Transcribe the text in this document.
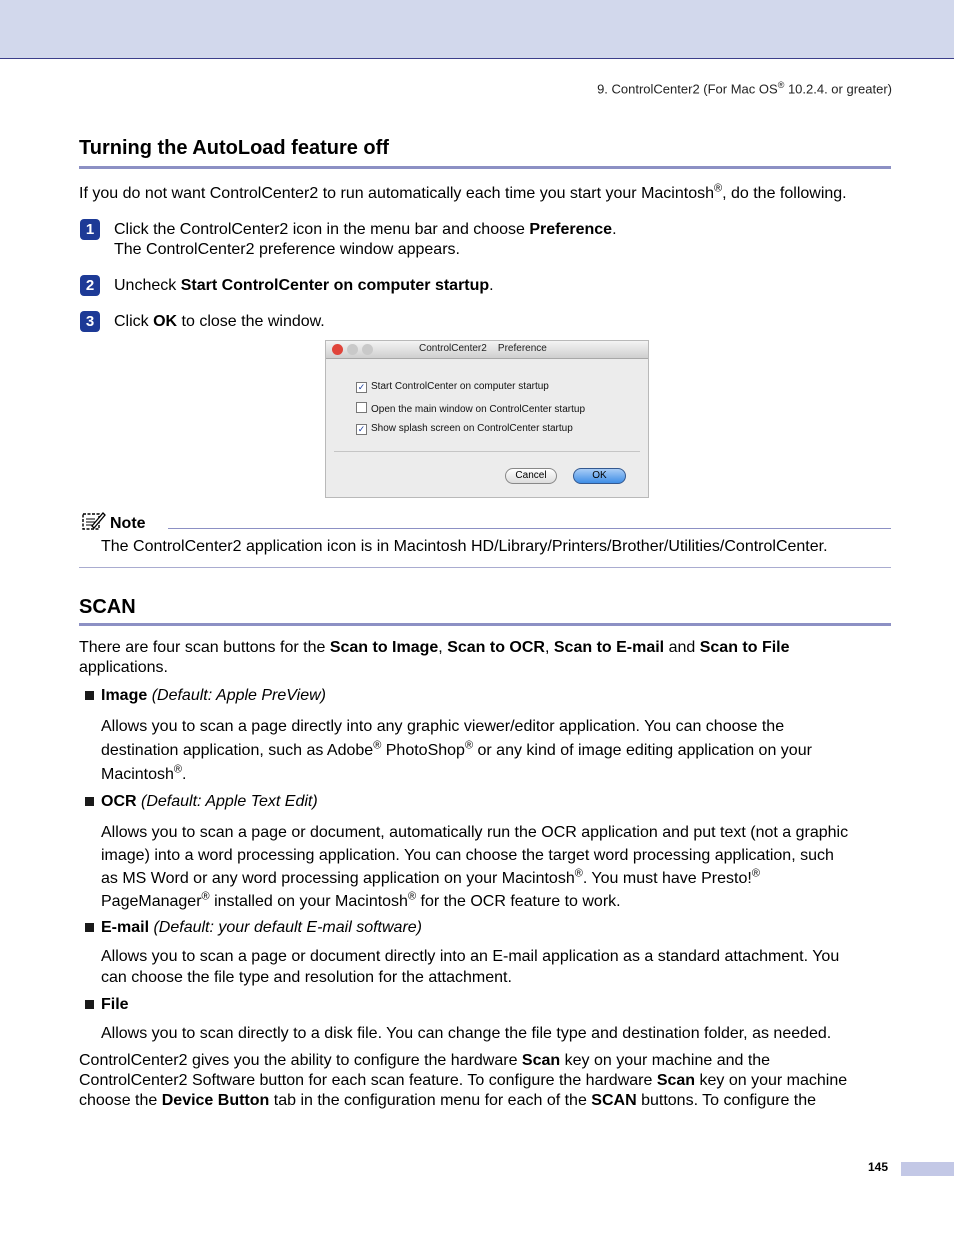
9. ControlCenter2 (For Mac OS® 10.2.4. or greater)
Turning the AutoLoad feature off
If you do not want ControlCenter2 to run automatically each time you start your Macintosh®, do the following.
1	Click the ControlCenter2 icon in the menu bar and choose Preference.
The ControlCenter2 preference window appears.
2	Uncheck Start ControlCenter on computer startup.
3	Click OK to close the window.
ControlCenter2    Preference
✓ Start ControlCenter on computer startup
Open the main window on ControlCenter startup
✓ Show splash screen on ControlCenter startup
Cancel	OK
Note
The ControlCenter2 application icon is in Macintosh HD/Library/Printers/Brother/Utilities/ControlCenter.
SCAN
There are four scan buttons for the Scan to Image, Scan to OCR, Scan to E-mail and Scan to File
applications.
Image (Default: Apple PreView)
Allows you to scan a page directly into any graphic viewer/editor application. You can choose the
destination application, such as Adobe® PhotoShop® or any kind of image editing application on your
Macintosh®.
OCR (Default: Apple Text Edit)
Allows you to scan a page or document, automatically run the OCR application and put text (not a graphic
image) into a word processing application. You can choose the target word processing application, such
as MS Word or any word processing application on your Macintosh®. You must have Presto!®
PageManager® installed on your Macintosh® for the OCR feature to work.
E-mail (Default: your default E-mail software)
Allows you to scan a page or document directly into an E-mail application as a standard attachment. You
can choose the file type and resolution for the attachment.
File
Allows you to scan directly to a disk file. You can change the file type and destination folder, as needed.
ControlCenter2 gives you the ability to configure the hardware Scan key on your machine and the
ControlCenter2 Software button for each scan feature. To configure the hardware Scan key on your machine
choose the Device Button tab in the configuration menu for each of the SCAN buttons. To configure the
145
